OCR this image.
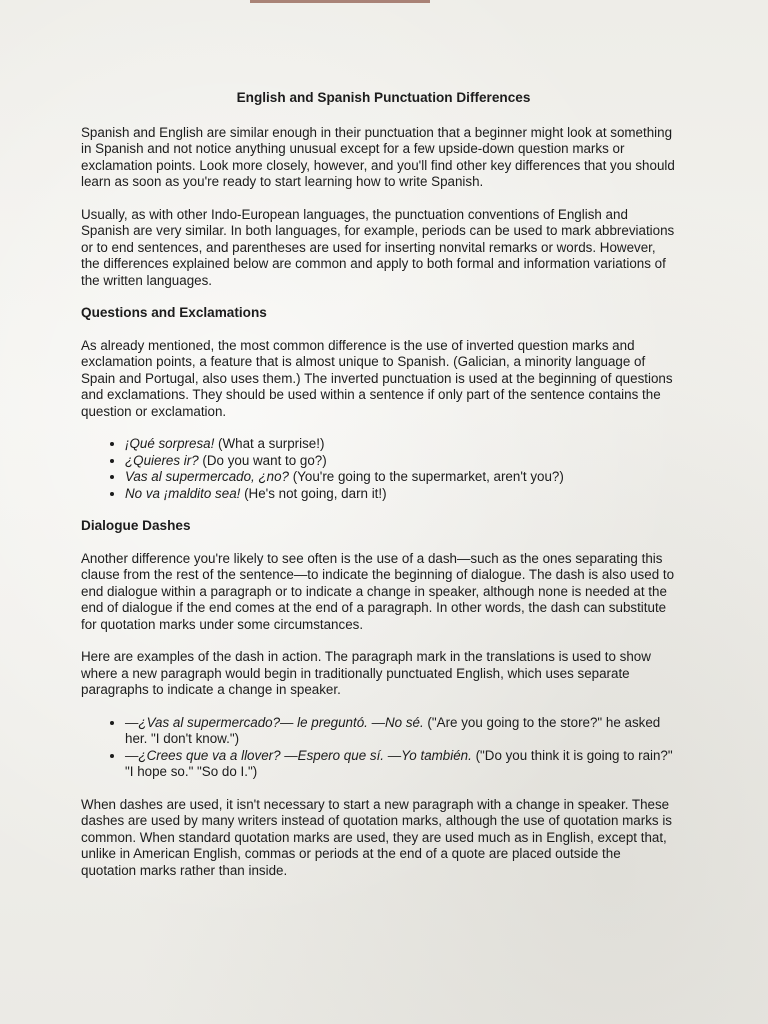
English and Spanish Punctuation Differences

Spanish and English are similar enough in their punctuation that a beginner might look at something in Spanish and not notice anything unusual except for a few upside-down question marks or exclamation points. Look more closely, however, and you'll find other key differences that you should learn as soon as you're ready to start learning how to write Spanish.

Usually, as with other Indo-European languages, the punctuation conventions of English and Spanish are very similar. In both languages, for example, periods can be used to mark abbreviations or to end sentences, and parentheses are used for inserting nonvital remarks or words. However, the differences explained below are common and apply to both formal and information variations of the written languages.

Questions and Exclamations

As already mentioned, the most common difference is the use of inverted question marks and exclamation points, a feature that is almost unique to Spanish. (Galician, a minority language of Spain and Portugal, also uses them.) The inverted punctuation is used at the beginning of questions and exclamations. They should be used within a sentence if only part of the sentence contains the question or exclamation.

• ¡Qué sorpresa! (What a surprise!)
• ¿Quieres ir? (Do you want to go?)
• Vas al supermercado, ¿no? (You're going to the supermarket, aren't you?)
• No va ¡maldito sea! (He's not going, darn it!)
Dialogue Dashes

Another difference you're likely to see often is the use of a dash—such as the ones separating this clause from the rest of the sentence—to indicate the beginning of dialogue. The dash is also used to end dialogue within a paragraph or to indicate a change in speaker, although none is needed at the end of dialogue if the end comes at the end of a paragraph. In other words, the dash can substitute for quotation marks under some circumstances.

Here are examples of the dash in action. The paragraph mark in the translations is used to show where a new paragraph would begin in traditionally punctuated English, which uses separate paragraphs to indicate a change in speaker.

• —¿Vas al supermercado?— le preguntó. —No sé. ("Are you going to the store?" he asked her. "I don't know.")
• —¿Crees que va a llover? —Espero que sí. —Yo también. ("Do you think it is going to rain?" "I hope so." "So do I.")

When dashes are used, it isn't necessary to start a new paragraph with a change in speaker. These dashes are used by many writers instead of quotation marks, although the use of quotation marks is common. When standard quotation marks are used, they are used much as in English, except that, unlike in American English, commas or periods at the end of a quote are placed outside the quotation marks rather than inside.
